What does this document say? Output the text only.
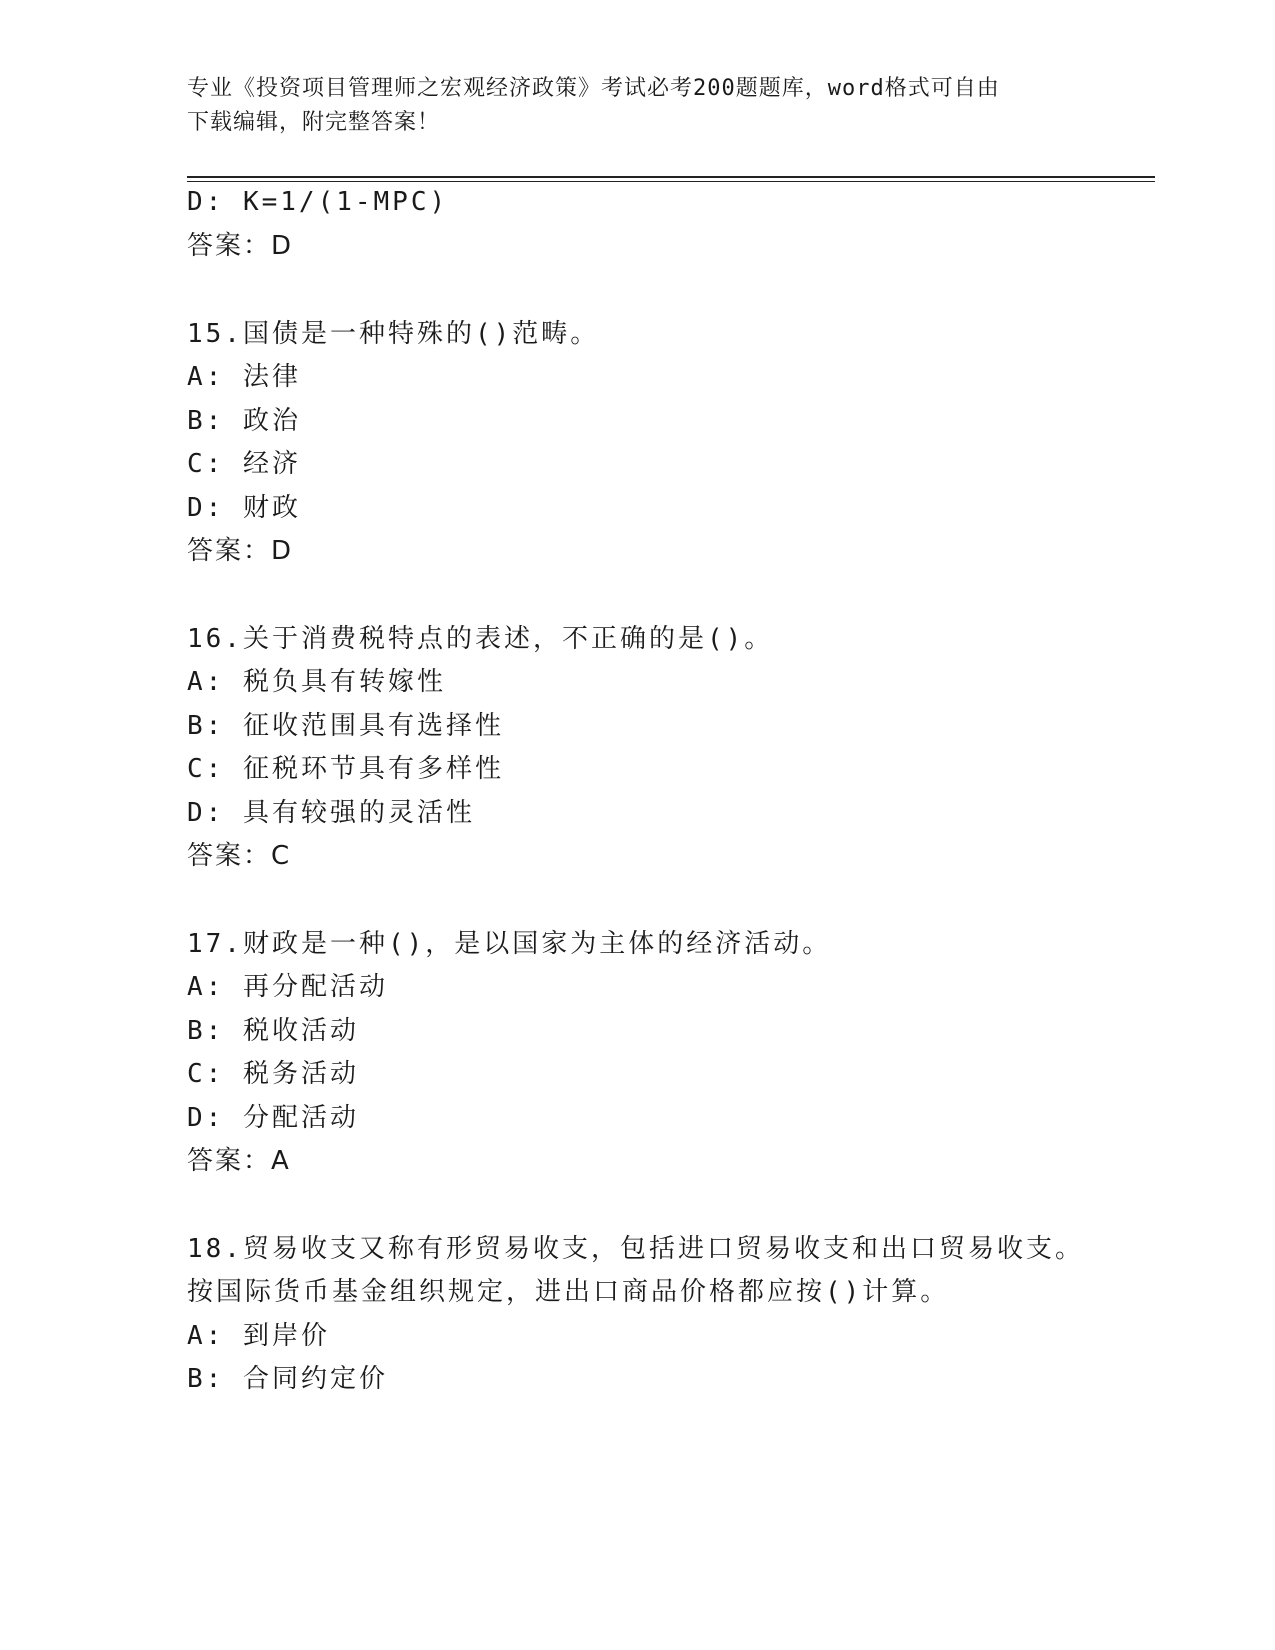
专业《投资项目管理师之宏观经济政策》考试必考200题题库，word格式可自由
下载编辑，附完整答案！
D: K=1/(1-MPC)
答案：D
15.国债是一种特殊的()范畴。
A: 法律
B: 政治
C: 经济
D: 财政
答案：D
16.关于消费税特点的表述，不正确的是()。
A: 税负具有转嫁性
B: 征收范围具有选择性
C: 征税环节具有多样性
D: 具有较强的灵活性
答案：C
17.财政是一种()，是以国家为主体的经济活动。
A: 再分配活动
B: 税收活动
C: 税务活动
D: 分配活动
答案：A
18.贸易收支又称有形贸易收支，包括进口贸易收支和出口贸易收支。
按国际货币基金组织规定，进出口商品价格都应按()计算。
A: 到岸价
B: 合同约定价
